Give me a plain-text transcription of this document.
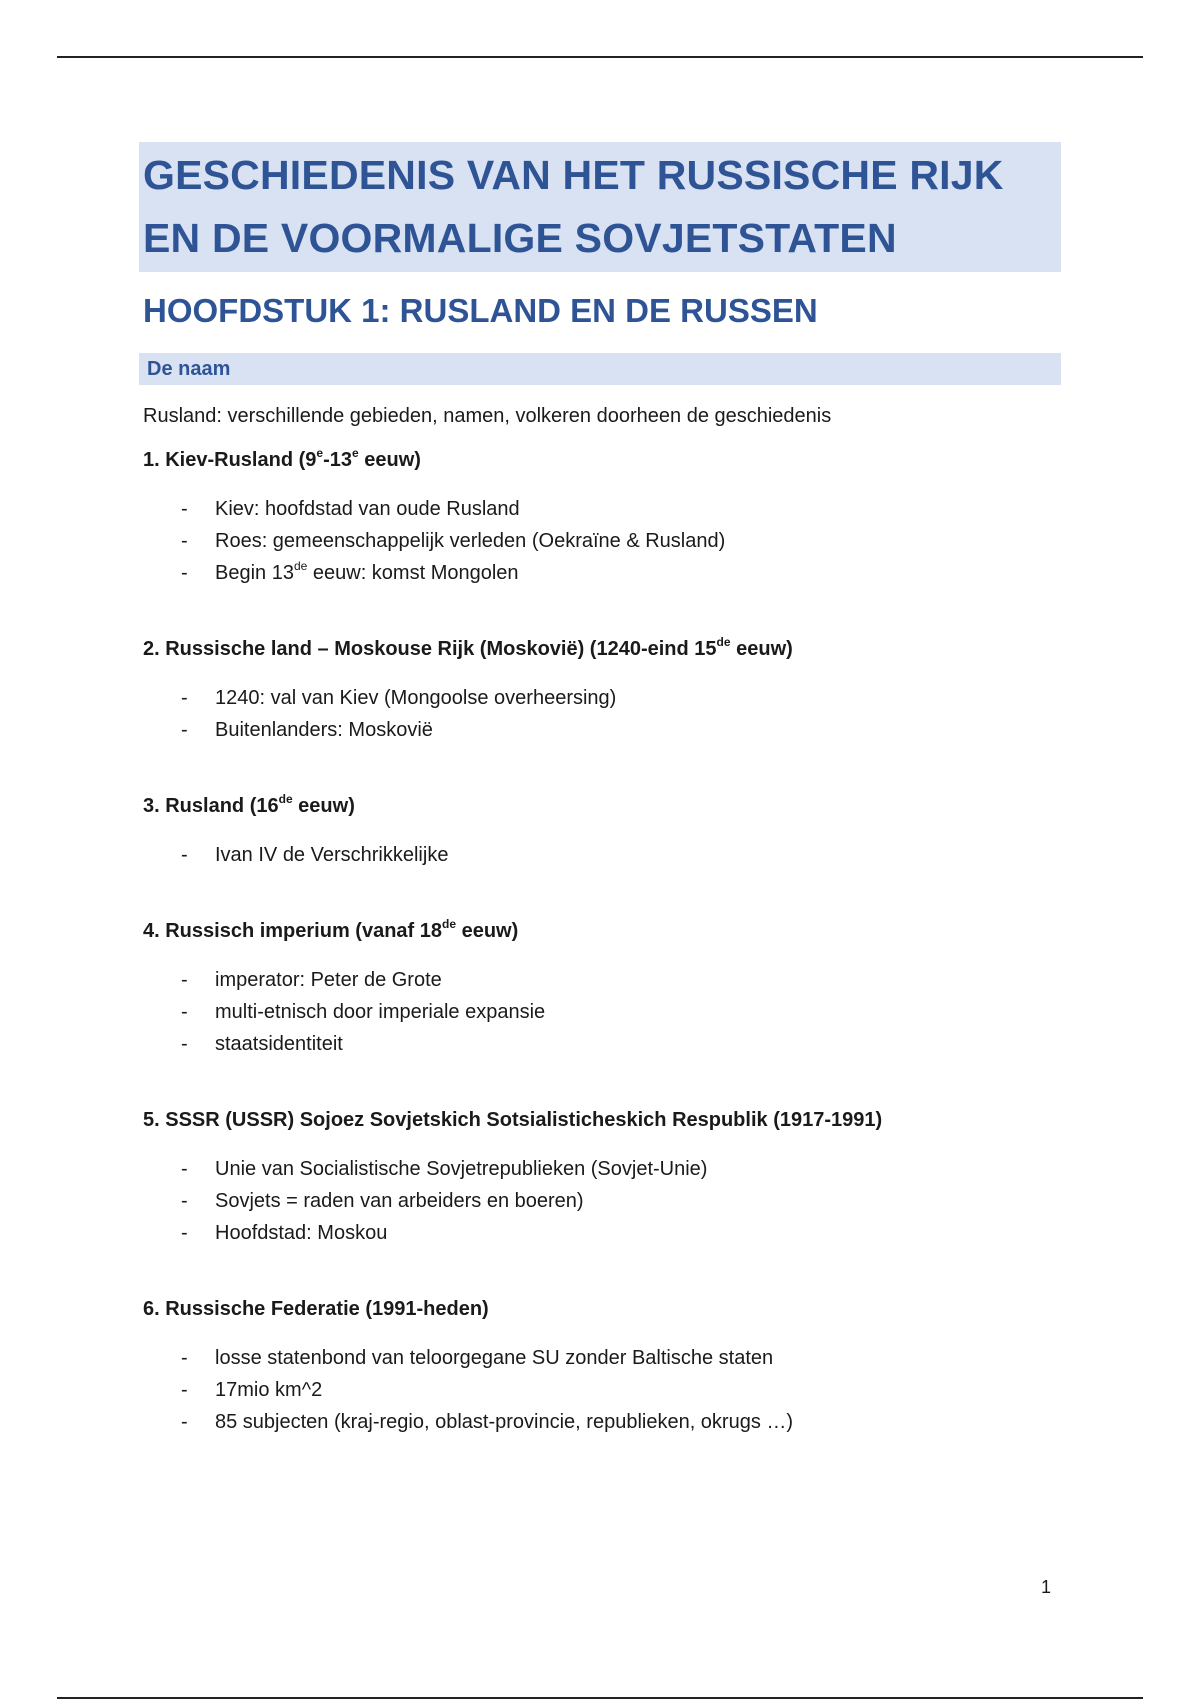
GESCHIEDENIS VAN HET RUSSISCHE RIJK EN DE VOORMALIGE SOVJETSTATEN
HOOFDSTUK 1: RUSLAND EN DE RUSSEN
De naam

Rusland: verschillende gebieden, namen, volkeren doorheen de geschiedenis

1. Kiev-Rusland (9e-13e eeuw)
- Kiev: hoofdstad van oude Rusland
- Roes: gemeenschappelijk verleden (Oekraïne & Rusland)
- Begin 13de eeuw: komst Mongolen
2. Russische land – Moskouse Rijk (Moskovië) (1240-eind 15de eeuw)
- 1240: val van Kiev (Mongoolse overheersing)
- Buitenlanders: Moskovië
3. Rusland (16de eeuw)
- Ivan IV de Verschrikkelijke
4. Russisch imperium (vanaf 18de eeuw)
- imperator: Peter de Grote
- multi-etnisch door imperiale expansie
- staatsidentiteit
5. SSSR (USSR) Sojoez Sovjetskich Sotsialisticheskich Respublik (1917-1991)
- Unie van Socialistische Sovjetrepublieken (Sovjet-Unie)
- Sovjets = raden van arbeiders en boeren)
- Hoofdstad: Moskou
6. Russische Federatie (1991-heden)
- losse statenbond van teloorgegane SU zonder Baltische staten
- 17mio km^2
- 85 subjecten (kraj-regio, oblast-provincie, republieken, okrugs …)
1
